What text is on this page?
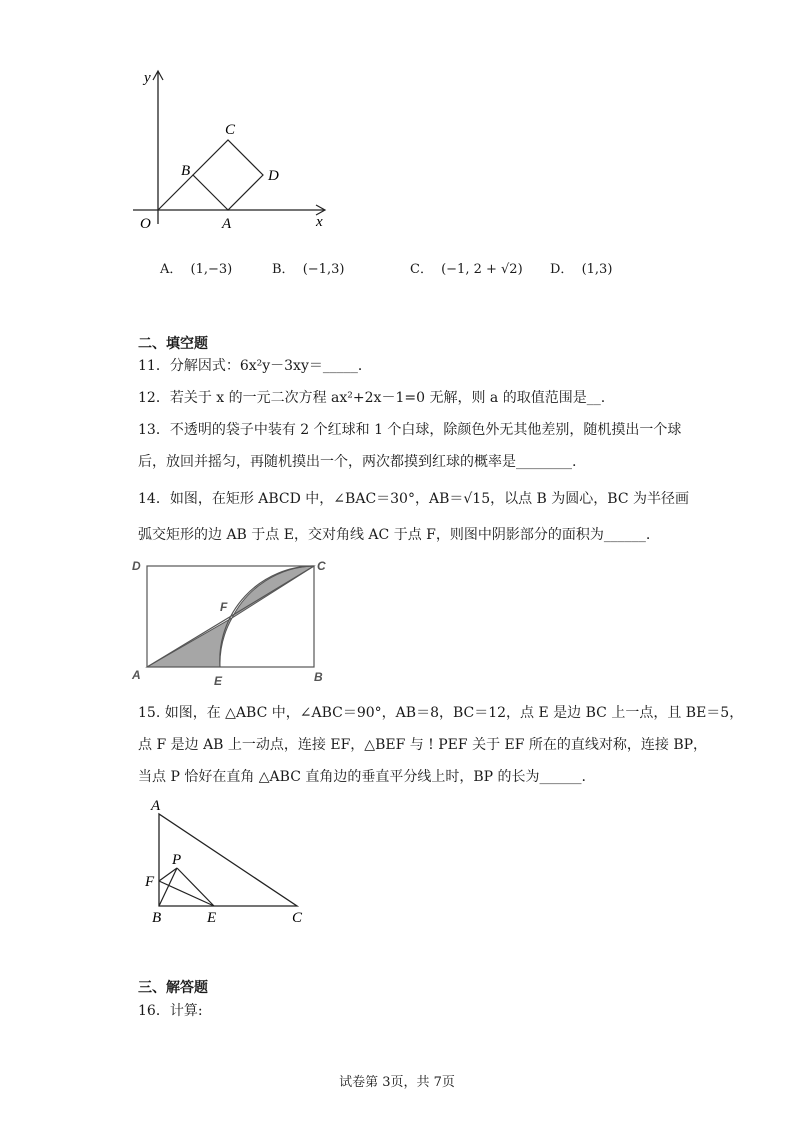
y
x
O	A
B
C
D
A． (1,−3)	B． (−1,3)	C． (−1, 2 + √2) D． (1,3)
二、填空题
11．分解因式：6x²y－3xy＝_____．
12．若关于 x 的一元二次方程 ax²+2x－1=0 无解，则 a 的取值范围是__.
13．不透明的袋子中装有 2 个红球和 1 个白球，除颜色外无其他差别，随机摸出一个球
后，放回并摇匀，再随机摸出一个，两次都摸到红球的概率是________.
14．如图，在矩形 ABCD 中，∠BAC＝30°，AB＝√15，以点 B 为圆心，BC 为半径画
弧交矩形的边 AB 于点 E，交对角线 AC 于点 F，则图中阴影部分的面积为______.
D	C
F
A	B
E
15. 如图，在 △ABC 中，∠ABC＝90°，AB＝8，BC＝12，点 E 是边 BC 上一点，且 BE＝5，
点 F 是边 AB 上一动点，连接 EF，△BEF 与 ! PEF 关于 EF 所在的直线对称，连接 BP，
当点 P 恰好在直角 △ABC 直角边的垂直平分线上时，BP 的长为______.
A
P
F
B	E	C
三、解答题
16．计算:
试卷第 3页，共 7页
